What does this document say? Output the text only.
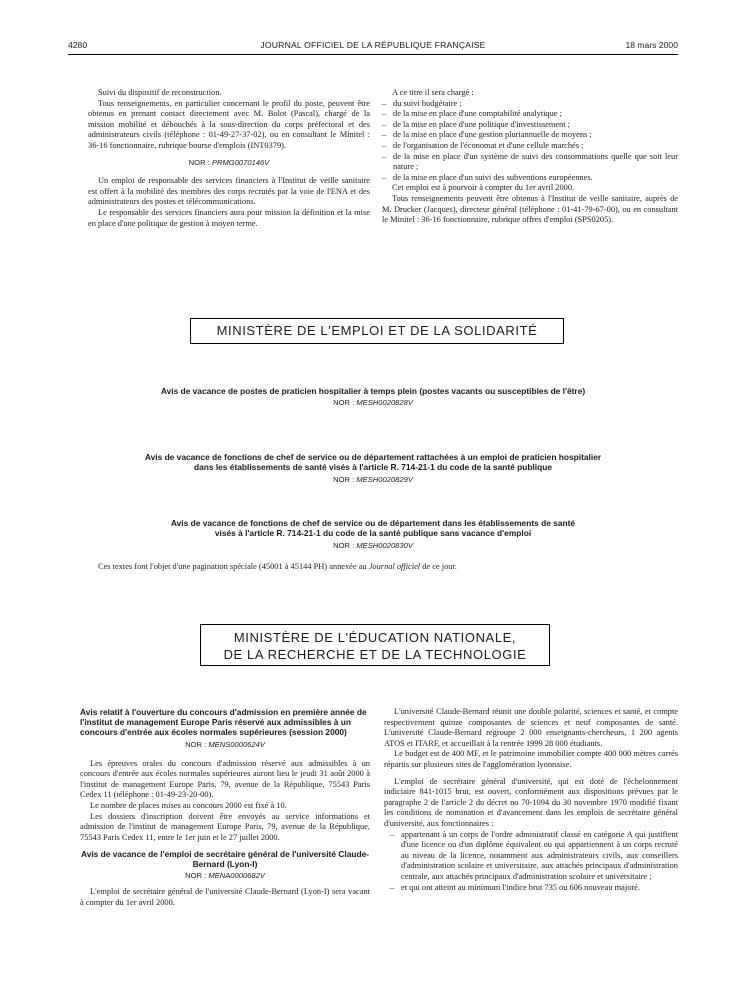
4280	JOURNAL OFFICIEL DE LA RÉPUBLIQUE FRANÇAISE	18 mars 2000

Suivi du dispositif de reconstruction.

Tous renseignements, en particulier concernant le profil du poste, peuvent être obtenus en prenant contact directement avec M. Bolot (Pascal), chargé de la mission mobilité et débouchés à la sous-direction du corps préfectoral et des administrateurs civils (téléphone : 01-49-27-37-02), ou en consultant le Minitel : 36-16 fonctionnaire, rubrique bourse d'emplois (INT0379).

NOR : PRMG0070146V

Un emploi de responsable des services financiers à l'Institut de veille sanitaire est offert à la mobilité des membres des corps recrutés par la voie de l'ENA et des administrateurs des postes et télécommunications.

Le responsable des services financiers aura pour mission la définition et la mise en place d'une politique de gestion à moyen terme.

A ce titre il sera chargé :

– du suivi budgétaire ;
– de la mise en place d'une comptabilité analytique ;
– de la mise en place d'une politique d'investissement ;
– de la mise en place d'une gestion pluriannuelle de moyens ;
– de l'organisation de l'économat et d'une cellule marchés ;
– de la mise en place d'un système de suivi des consommations quelle que soit leur nature ;
– de la mise en place d'un suivi des subventions européennes.

Cet emploi est à pourvoir à compter du 1er avril 2000.

Tous renseignements peuvent être obtenus à l'Institut de veille sanitaire, auprès de M. Drucker (Jacques), directeur général (téléphone : 01-41-79-67-00), ou en consultant le Minitel : 36-16 fonctionnaire, rubrique offres d'emploi (SPS0205).

MINISTÈRE DE L'EMPLOI ET DE LA SOLIDARITÉ
Avis de vacance de postes de praticien hospitalier à temps plein (postes vacants ou susceptibles de l'être)
NOR : MESH0020828V
Avis de vacance de fonctions de chef de service ou de département rattachées à un emploi de praticien hospitalier
dans les établissements de santé visés à l'article R. 714-21-1 du code de la santé publique
NOR : MESH0020829V
Avis de vacance de fonctions de chef de service ou de département dans les établissements de santé
visés à l'article R. 714-21-1 du code de la santé publique sans vacance d'emploi
NOR : MESH0020830V

Ces textes font l'objet d'une pagination spéciale (45001 à 45144 PH) annexée au Journal officiel de ce jour.

MINISTÈRE DE L'ÉDUCATION NATIONALE,
DE LA RECHERCHE ET DE LA TECHNOLOGIE
Avis relatif à l'ouverture du concours d'admission en première année de l'institut de management Europe Paris réservé aux admissibles à un concours d'entrée aux écoles normales supérieures (session 2000)
NOR : MENS0000624V

Les épreuves orales du concours d'admission réservé aux admissibles à un concours d'entrée aux écoles normales supérieures auront lieu le jeudi 31 août 2000 à l'institut de management Europe Paris, 79, avenue de la République, 75543 Paris Cedex 11 (téléphone : 01-49-23-20-00).

Le nombre de places mises au concours 2000 est fixé à 10.

Les dossiers d'inscription doivent être envoyés au service informations et admission de l'institut de management Europe Paris, 79, avenue de la République, 75543 Paris Cedex 11, entre le 1er juin et le 27 juillet 2000.

Avis de vacance de l'emploi de secrétaire général de l'université Claude-Bernard (Lyon-I)
NOR : MENA0000682V

L'emploi de secrétaire général de l'université Claude-Bernard (Lyon-I) sera vacant à compter du 1er avril 2000.

L'université Claude-Bernard réunit une double polarité, sciences et santé, et compte respectivement quinze composantes de sciences et neuf composantes de santé. L'université Claude-Bernard regroupe 2 000 enseignants-chercheurs, 1 200 agents ATOS et ITARF, et accueillait à la rentrée 1999 28 000 étudiants.

Le budget est de 400 MF, et le patrimoine immobilier compte 400 000 mètres carrés répartis sur plusieurs sites de l'agglomération lyonnaise.

L'emploi de secrétaire général d'université, qui est doté de l'échelonnement indiciaire 841-1015 brut, est ouvert, conformément aux dispositions prévues par le paragraphe 2 de l'article 2 du décret no 70-1094 du 30 novembre 1970 modifié fixant les conditions de nomination et d'avancement dans les emplois de secrétaire général d'université, aux fonctionnaires :

– appartenant à un corps de l'ordre administratif classé en catégorie A qui justifient d'une licence ou d'un diplôme équivalent ou qui appartiennent à un corps recruté au niveau de la licence, notamment aux administrateurs civils, aux conseillers d'administration scolaire et universitaire, aux attachés principaux d'administration centrale, aux attachés principaux d'administration scolaire et universitaire ;
– et qui ont atteint au minimum l'indice brut 735 ou 606 nouveau majoré.
